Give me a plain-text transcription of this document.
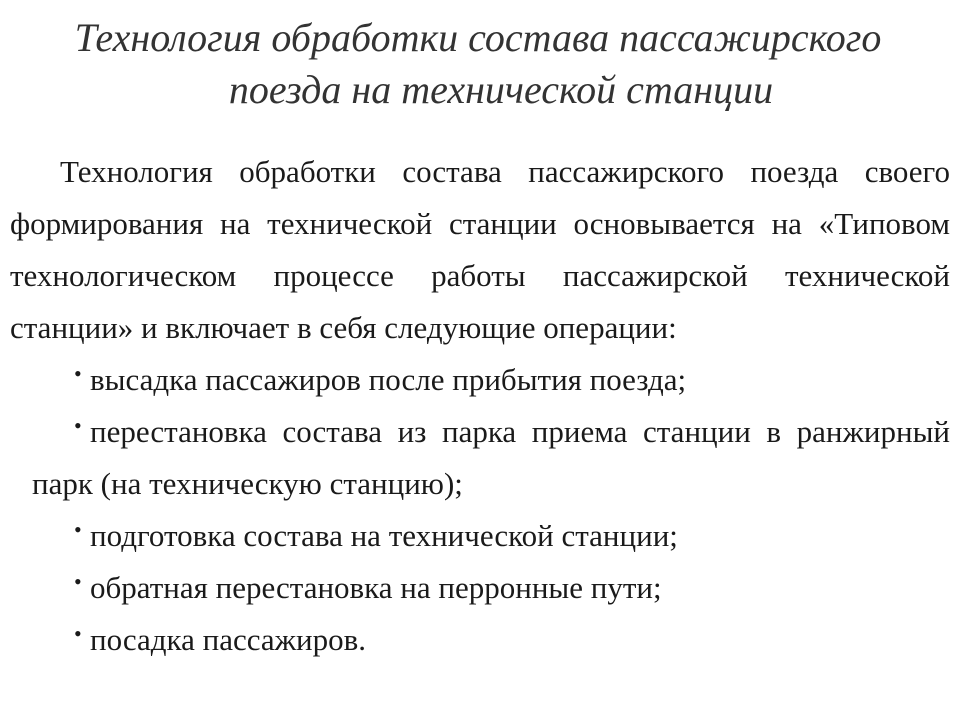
Технология обработки состава пассажирского
поезда на технической станции

Технология обработки состава пассажирского поезда своего формирования на технической станции основывается на «Типовом технологическом процессе работы пассажирской технической станции» и включает в себя следующие операции:

• высадка пассажиров после прибытия поезда;
• перестановка состава из парка приема станции в ранжирный парк (на техническую станцию);
• подготовка состава на технической станции;
• обратная перестановка на перронные пути;
• посадка пассажиров.
